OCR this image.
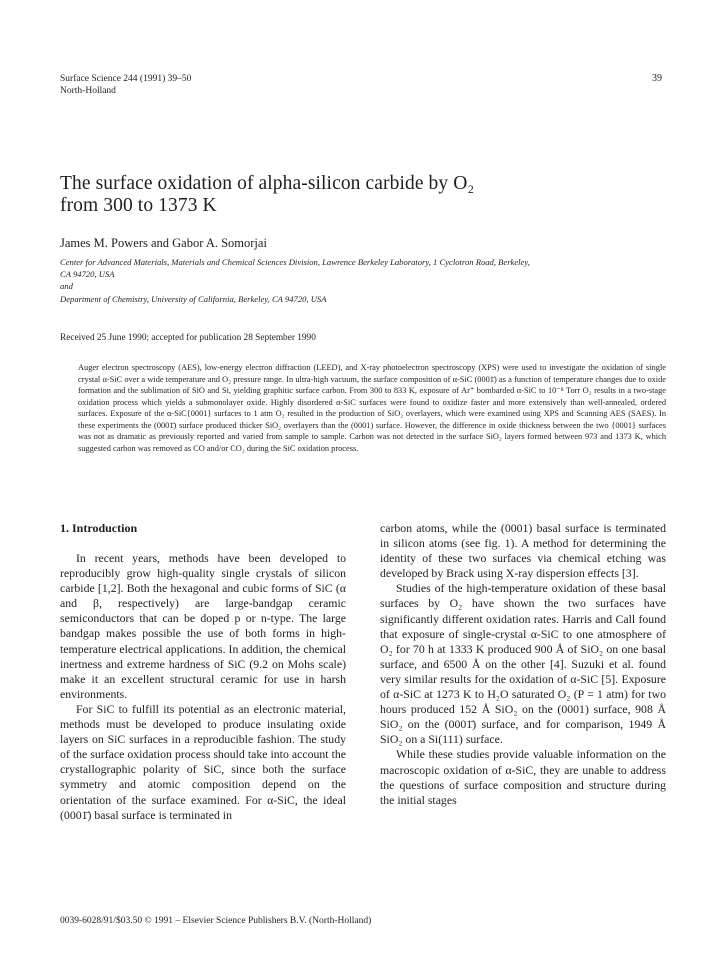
Surface Science 244 (1991) 39–50
North-Holland
39
The surface oxidation of alpha-silicon carbide by O₂
from 300 to 1373 K
James M. Powers and Gabor A. Somorjai
Center for Advanced Materials, Materials and Chemical Sciences Division, Lawrence Berkeley Laboratory, 1 Cyclotron Road, Berkeley,
CA 94720, USA
and
Department of Chemistry, University of California, Berkeley, CA 94720, USA
Received 25 June 1990; accepted for publication 28 September 1990

Auger electron spectroscopy (AES), low-energy electron diffraction (LEED), and X-ray photoelectron spectroscopy (XPS) were used to investigate the oxidation of single crystal α-SiC over a wide temperature and O₂ pressure range. In ultra-high vacuum, the surface composition of α-SiC (0001̄) as a function of temperature changes due to oxide formation and the sublimation of SiO and Si, yielding graphitic surface carbon. From 300 to 833 K, exposure of Ar⁺ bombarded α-SiC to 10⁻⁸ Torr O₂ results in a two-stage oxidation process which yields a submonolayer oxide. Highly disordered α-SiC surfaces were found to oxidize faster and more extensively than well-annealed, ordered surfaces. Exposure of the α-SiC{0001} surfaces to 1 atm O₂ resulted in the production of SiO₂ overlayers, which were examined using XPS and Scanning AES (SAES). In these experiments the (0001̄) surface produced thicker SiO₂ overlayers than the (0001) surface. However, the difference in oxide thickness between the two {0001} surfaces was not as dramatic as previously reported and varied from sample to sample. Carbon was not detected in the surface SiO₂ layers formed between 973 and 1373 K, which suggested carbon was removed as CO and/or CO₂ during the SiC oxidation process.

1. Introduction

In recent years, methods have been developed to reproducibly grow high-quality single crystals of silicon carbide [1,2]. Both the hexagonal and cubic forms of SiC (α and β, respectively) are large-bandgap ceramic semiconductors that can be doped p or n-type. The large bandgap makes possible the use of both forms in high-temperature electrical applications. In addition, the chemical inertness and extreme hardness of SiC (9.2 on Mohs scale) make it an excellent structural ceramic for use in harsh environments.

For SiC to fulfill its potential as an electronic material, methods must be developed to produce insulating oxide layers on SiC surfaces in a reproducible fashion. The study of the surface oxidation process should take into account the crystallographic polarity of SiC, since both the surface symmetry and atomic composition depend on the orientation of the surface examined. For α-SiC, the ideal (0001̄) basal surface is terminated in

carbon atoms, while the (0001) basal surface is terminated in silicon atoms (see fig. 1). A method for determining the identity of these two surfaces via chemical etching was developed by Brack using X-ray dispersion effects [3].

Studies of the high-temperature oxidation of these basal surfaces by O₂ have shown the two surfaces have significantly different oxidation rates. Harris and Call found that exposure of single-crystal α-SiC to one atmosphere of O₂ for 70 h at 1333 K produced 900 Å of SiO₂ on one basal surface, and 6500 Å on the other [4]. Suzuki et al. found very similar results for the oxidation of α-SiC [5]. Exposure of α-SiC at 1273 K to H₂O saturated O₂ (P = 1 atm) for two hours produced 152 Å SiO₂ on the (0001) surface, 908 Å SiO₂ on the (0001̄) surface, and for comparison, 1949 Å SiO₂ on a Si(111) surface.

While these studies provide valuable information on the macroscopic oxidation of α-SiC, they are unable to address the questions of surface composition and structure during the initial stages

0039-6028/91/$03.50 © 1991 – Elsevier Science Publishers B.V. (North-Holland)
